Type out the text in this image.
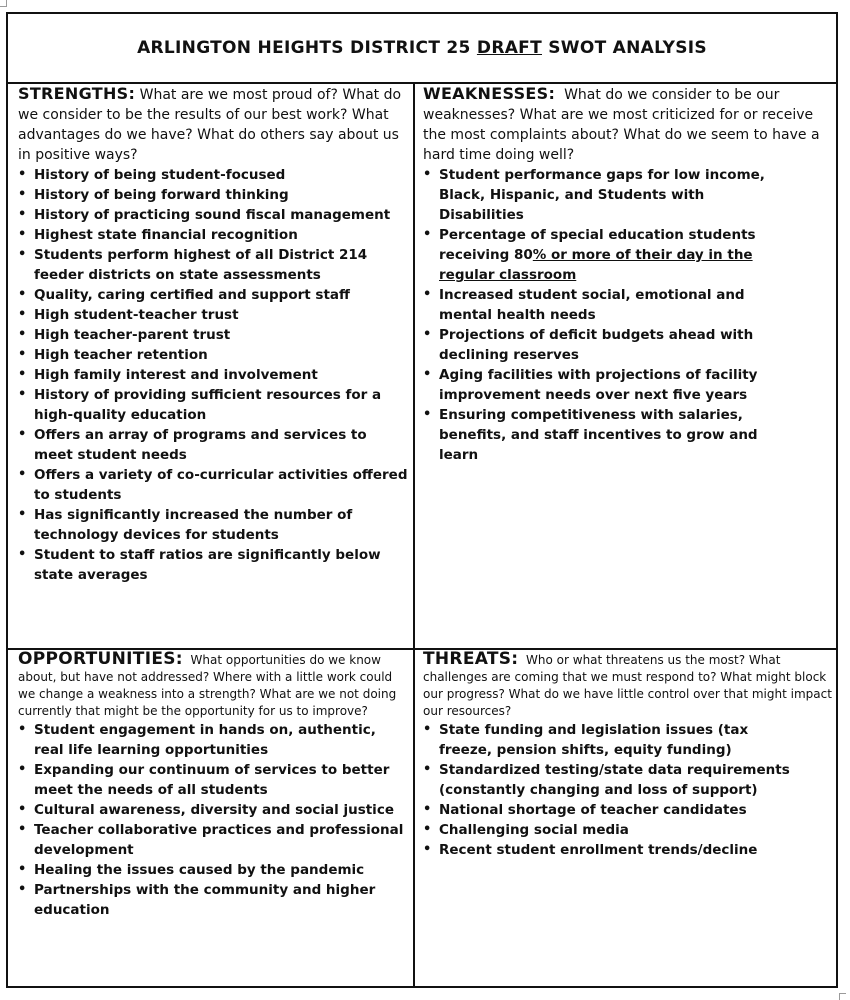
ARLINGTON HEIGHTS DISTRICT 25 DRAFT SWOT ANALYSIS

STRENGTHS: What are we most proud of? What do we consider to be the results of our best work? What advantages do we have? What do others say about us in positive ways?

• History of being student-focused
• History of being forward thinking
• History of practicing sound fiscal management
• Highest state financial recognition
• Students perform highest of all District 214 feeder districts on state assessments
• Quality, caring certified and support staff
• High student-teacher trust
• High teacher-parent trust
• High teacher retention
• High family interest and involvement
• History of providing sufficient resources for a high-quality education
• Offers an array of programs and services to meet student needs
• Offers a variety of co-curricular activities offered to students
• Has significantly increased the number of technology devices for students
• Student to staff ratios are significantly below state averages

WEAKNESSES: What do we consider to be our weaknesses? What are we most criticized for or receive the most complaints about? What do we seem to have a hard time doing well?

• Student performance gaps for low income, Black, Hispanic, and Students with Disabilities
• Percentage of special education students receiving 80% or more of their day in the regular classroom
• Increased student social, emotional and mental health needs
• Projections of deficit budgets ahead with declining reserves
• Aging facilities with projections of facility improvement needs over next five years
• Ensuring competitiveness with salaries, benefits, and staff incentives to grow and learn

OPPORTUNITIES: What opportunities do we know about, but have not addressed? Where with a little work could we change a weakness into a strength? What are we not doing currently that might be the opportunity for us to improve?

• Student engagement in hands on, authentic, real life learning opportunities
• Expanding our continuum of services to better meet the needs of all students
• Cultural awareness, diversity and social justice
• Teacher collaborative practices and professional development
• Healing the issues caused by the pandemic
• Partnerships with the community and higher education

THREATS: Who or what threatens us the most? What challenges are coming that we must respond to? What might block our progress? What do we have little control over that might impact our resources?

• State funding and legislation issues (tax freeze, pension shifts, equity funding)
• Standardized testing/state data requirements (constantly changing and loss of support)
• National shortage of teacher candidates
• Challenging social media
• Recent student enrollment trends/decline
